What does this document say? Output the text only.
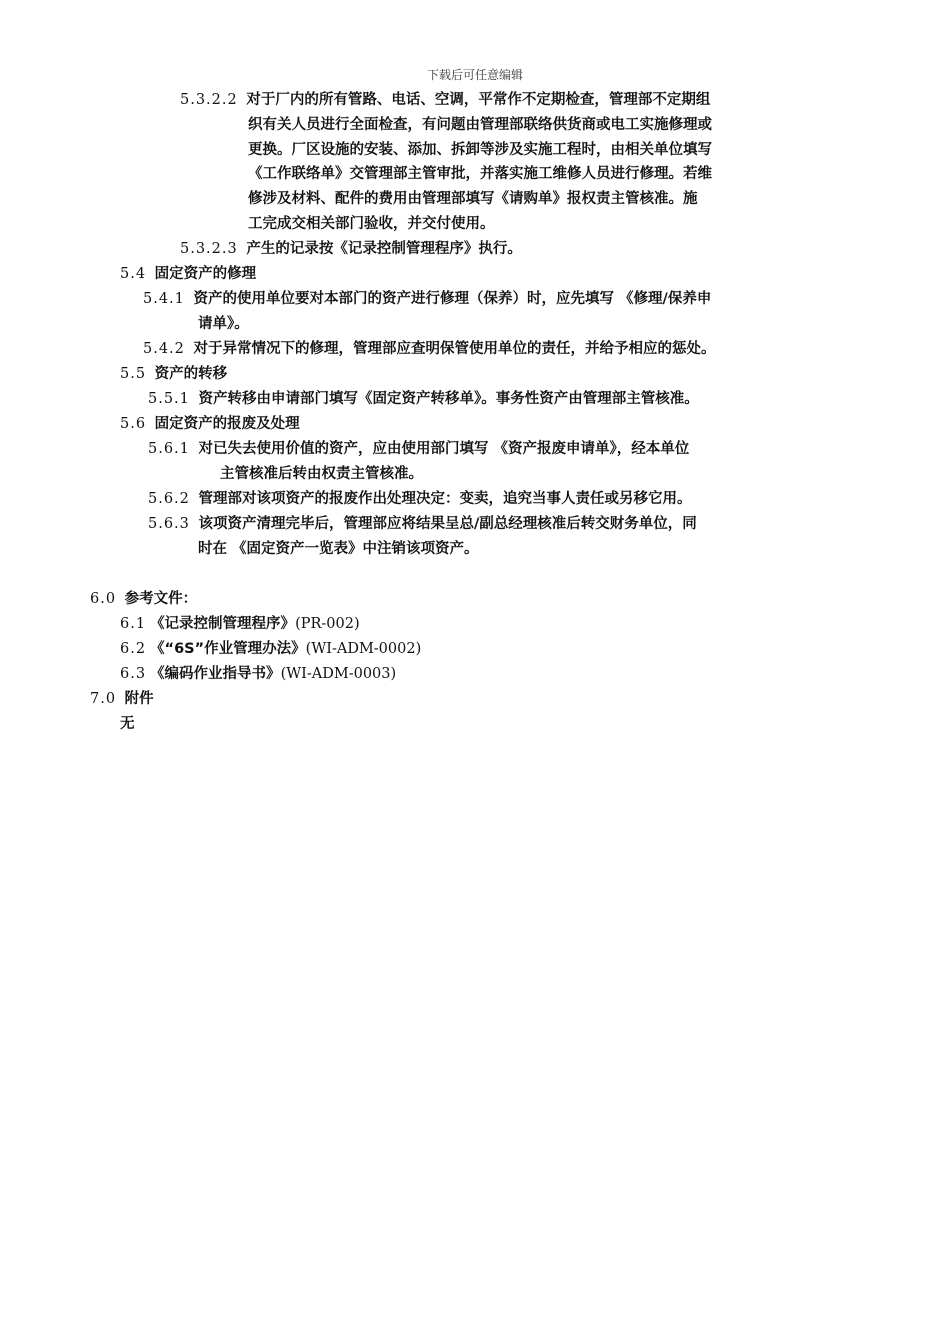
下载后可任意编辑
5.3.2.2 对于厂内的所有管路、电话、空调，平常作不定期检查，管理部不定期组
织有关人员进行全面检查，有问题由管理部联络供货商或电工实施修理或
更换。厂区设施的安装、添加、拆卸等涉及实施工程时，由相关单位填写
《工作联络单》交管理部主管审批，并落实施工维修人员进行修理。若维
修涉及材料、配件的费用由管理部填写《请购单》报权责主管核准。施
工完成交相关部门验收，并交付使用。
5.3.2.3 产生的记录按《记录控制管理程序》执行。
5.4 固定资产的修理
5.4.1 资产的使用单位要对本部门的资产进行修理（保养）时，应先填写 《修理/保养申
请单》。
5.4.2 对于异常情况下的修理，管理部应查明保管使用单位的责任，并给予相应的惩处。
5.5 资产的转移
5.5.1 资产转移由申请部门填写《固定资产转移单》。事务性资产由管理部主管核准。
5.6 固定资产的报废及处理
5.6.1 对已失去使用价值的资产，应由使用部门填写 《资产报废申请单》，经本单位
主管核准后转由权责主管核准。
5.6.2 管理部对该项资产的报废作出处理决定：变卖，追究当事人责任或另移它用。
5.6.3 该项资产清理完毕后，管理部应将结果呈总/副总经理核准后转交财务单位，同
时在 《固定资产一览表》中注销该项资产。
6.0 参考文件：
6.1 《记录控制管理程序》(PR-002)
6.2 《“6S”作业管理办法》(WI-ADM-0002)
6.3 《编码作业指导书》(WI-ADM-0003)
7.0 附件
无
